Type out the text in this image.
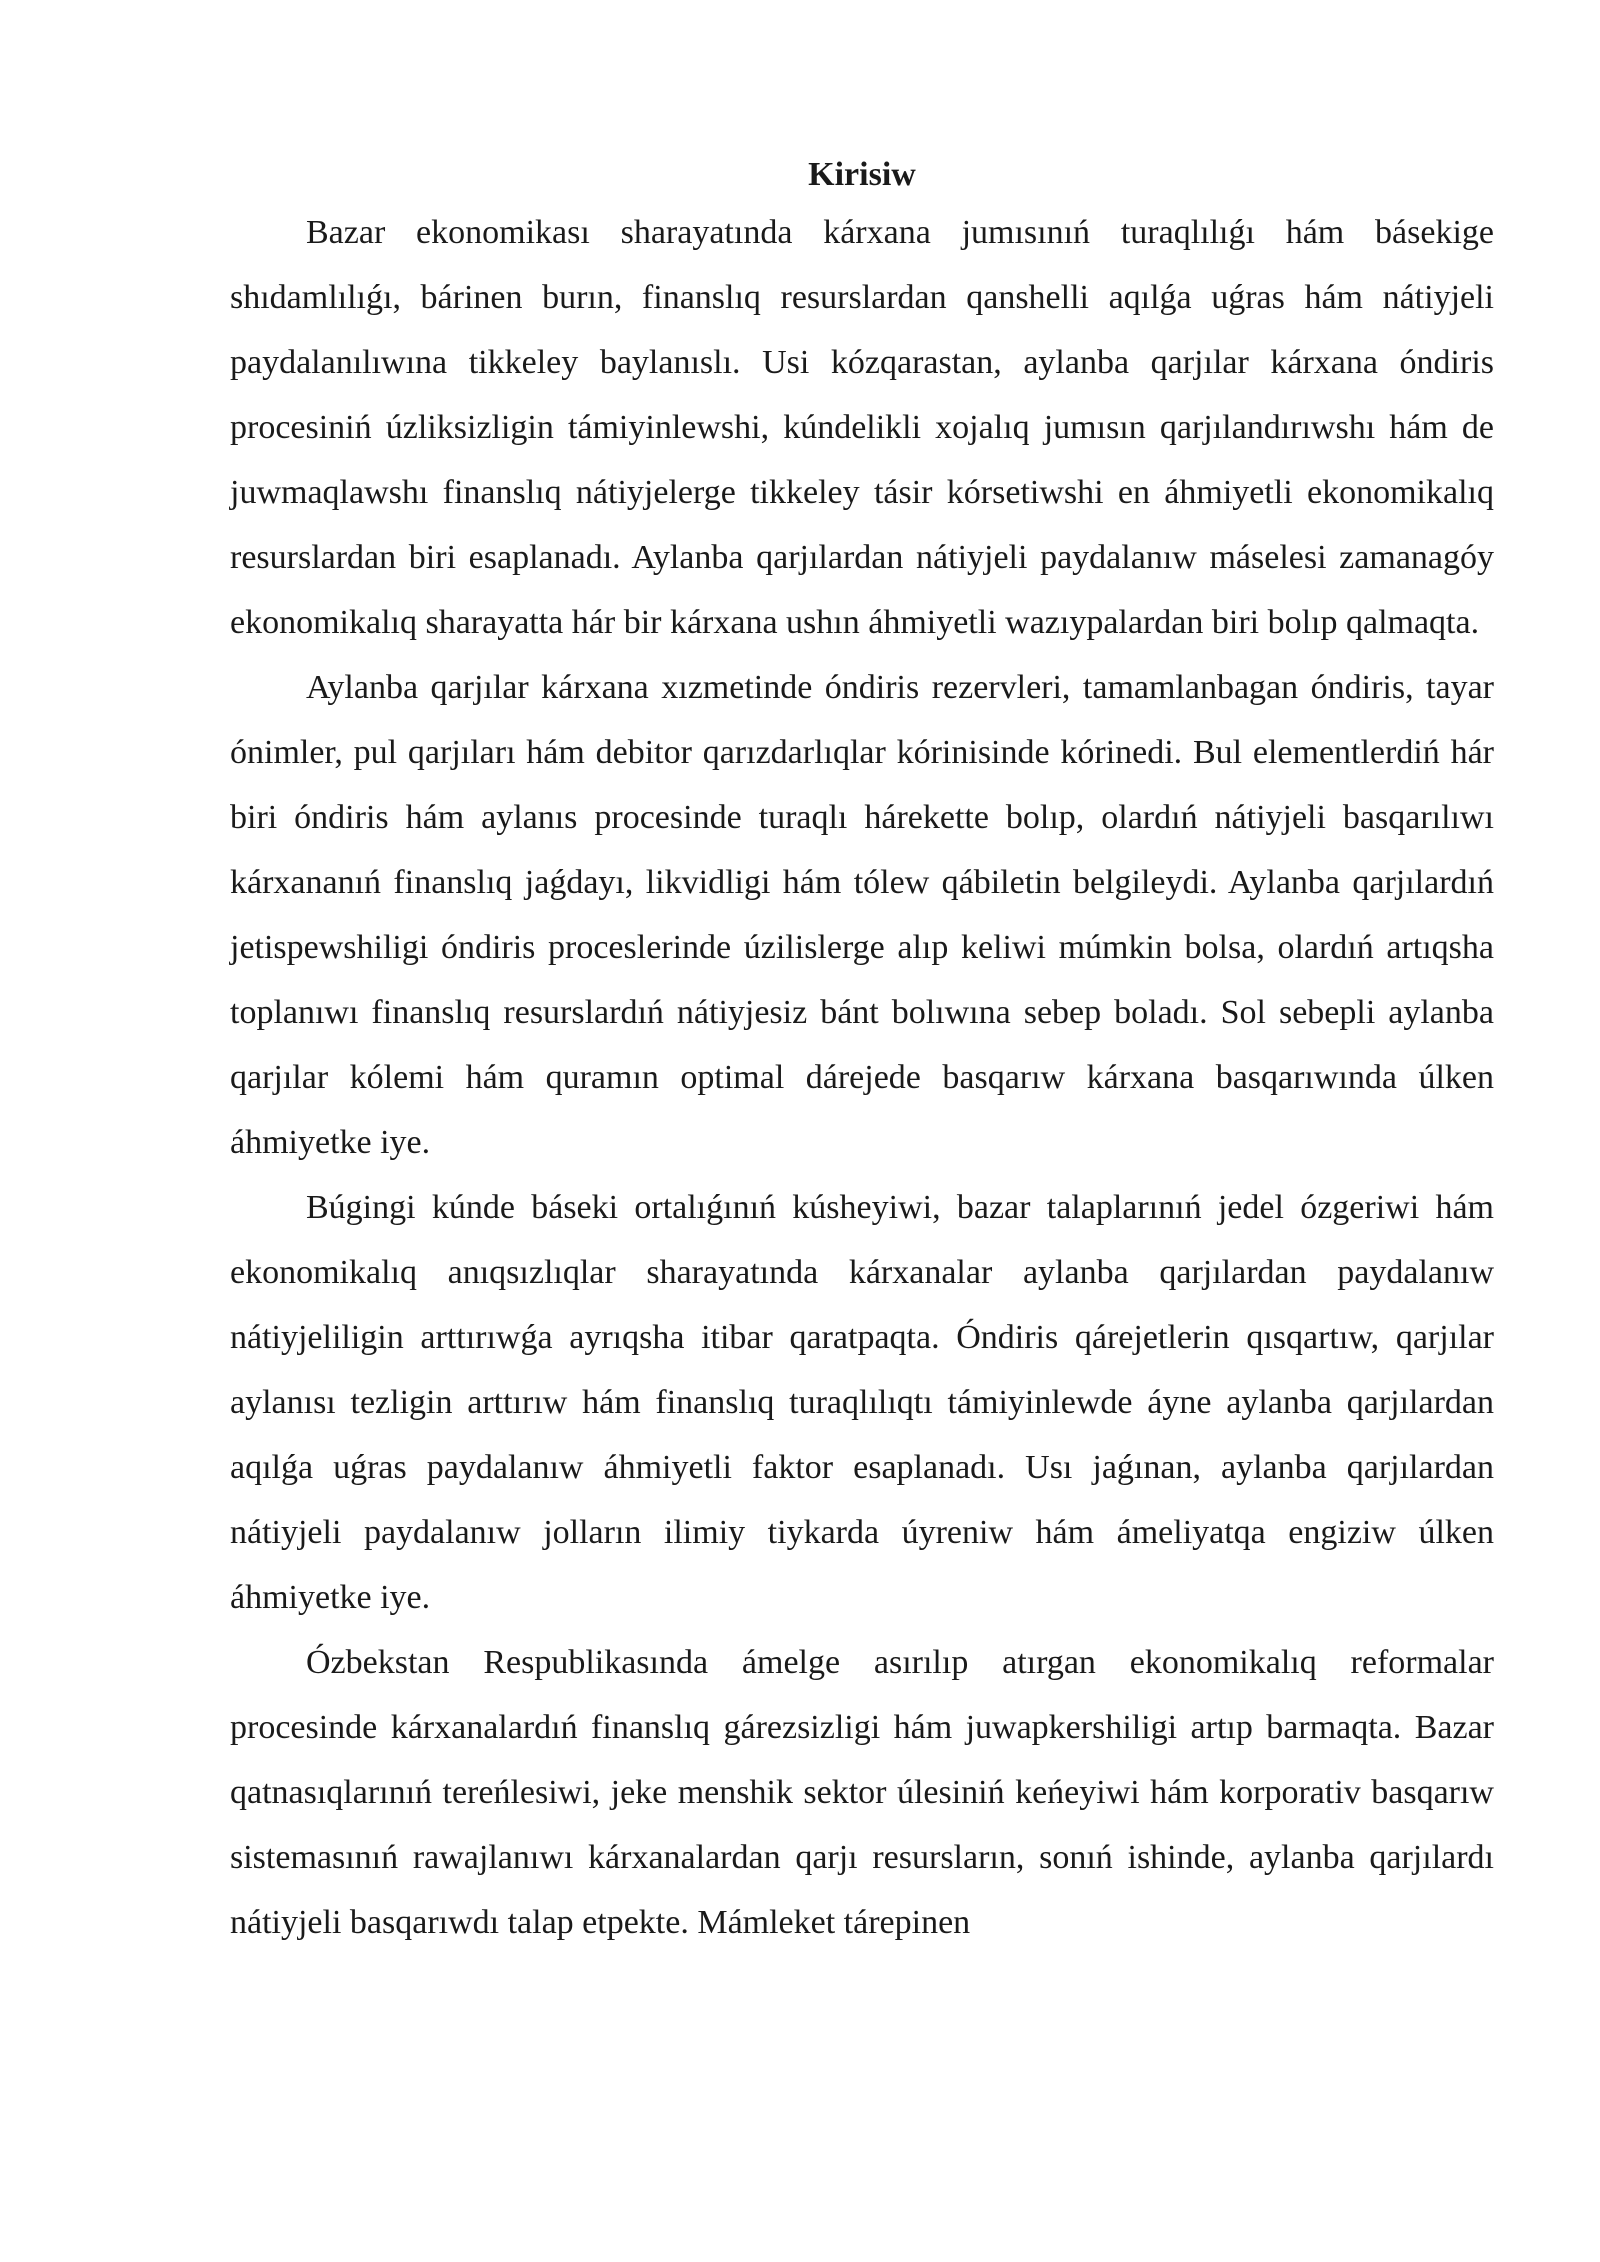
Kirisiw

Bazar ekonomikası sharayatında kárxana jumısınıń turaqlılıǵı hám básekige shıdamlılıǵı, bárinen burın, finanslıq resurslardan qanshelli aqılǵa uǵras hám nátiyjeli paydalanılıwına tikkeley baylanıslı. Usi kózqarastan, aylanba qarjılar kárxana óndiris procesiniń úzliksizligin támiyinlewshi, kúndelikli xojalıq jumısın qarjılandırıwshı hám de juwmaqlawshı finanslıq nátiyjelerge tikkeley tásir kórsetiwshi en áhmiyetli ekonomikalıq resurslardan biri esaplanadı. Aylanba qarjılardan nátiyjeli paydalanıw máselesi zamanagóy ekonomikalıq sharayatta hár bir kárxana ushın áhmiyetli wazıypalardan biri bolıp qalmaqta.

Aylanba qarjılar kárxana xızmetinde óndiris rezervleri, tamamlanbagan óndiris, tayar ónimler, pul qarjıları hám debitor qarızdarlıqlar kórinisinde kórinedi. Bul elementlerdiń hár biri óndiris hám aylanıs procesinde turaqlı hárekette bolıp, olardıń nátiyjeli basqarılıwı kárxananıń finanslıq jaǵdayı, likvidligi hám tólew qábiletin belgileydi. Aylanba qarjılardıń jetispewshiligi óndiris proceslerinde úzilislerge alıp keliwi múmkin bolsa, olardıń artıqsha toplanıwı finanslıq resurslardıń nátiyjesiz bánt bolıwına sebep boladı. Sol sebepli aylanba qarjılar kólemi hám quramın optimal dárejede basqarıw kárxana basqarıwında úlken áhmiyetke iye.

Búgingi kúnde báseki ortalıǵınıń kúsheyiwi, bazar talaplarınıń jedel ózgeriwi hám ekonomikalıq anıqsızlıqlar sharayatında kárxanalar aylanba qarjılardan paydalanıw nátiyjeliligin arttırıwǵa ayrıqsha itibar qaratpaqta. Óndiris qárejetlerin qısqartıw, qarjılar aylanısı tezligin arttırıw hám finanslıq turaqlılıqtı támiyinlewde áyne aylanba qarjılardan aqılǵa uǵras paydalanıw áhmiyetli faktor esaplanadı. Usı jaǵınan, aylanba qarjılardan nátiyjeli paydalanıw jolların ilimiy tiykarda úyreniw hám ámeliyatqa engiziw úlken áhmiyetke iye.

Ózbekstan Respublikasında ámelge asırılıp atırgan ekonomikalıq reformalar procesinde kárxanalardıń finanslıq gárezsizligi hám juwapkershiligi artıp barmaqta. Bazar qatnasıqlarınıń tereńlesiwi, jeke menshik sektor úlesiniń keńeyiwi hám korporativ basqarıw sistemasınıń rawajlanıwı kárxanalardan qarjı resursların, sonıń ishinde, aylanba qarjılardı nátiyjeli basqarıwdı talap etpekte. Mámleket tárepinen
